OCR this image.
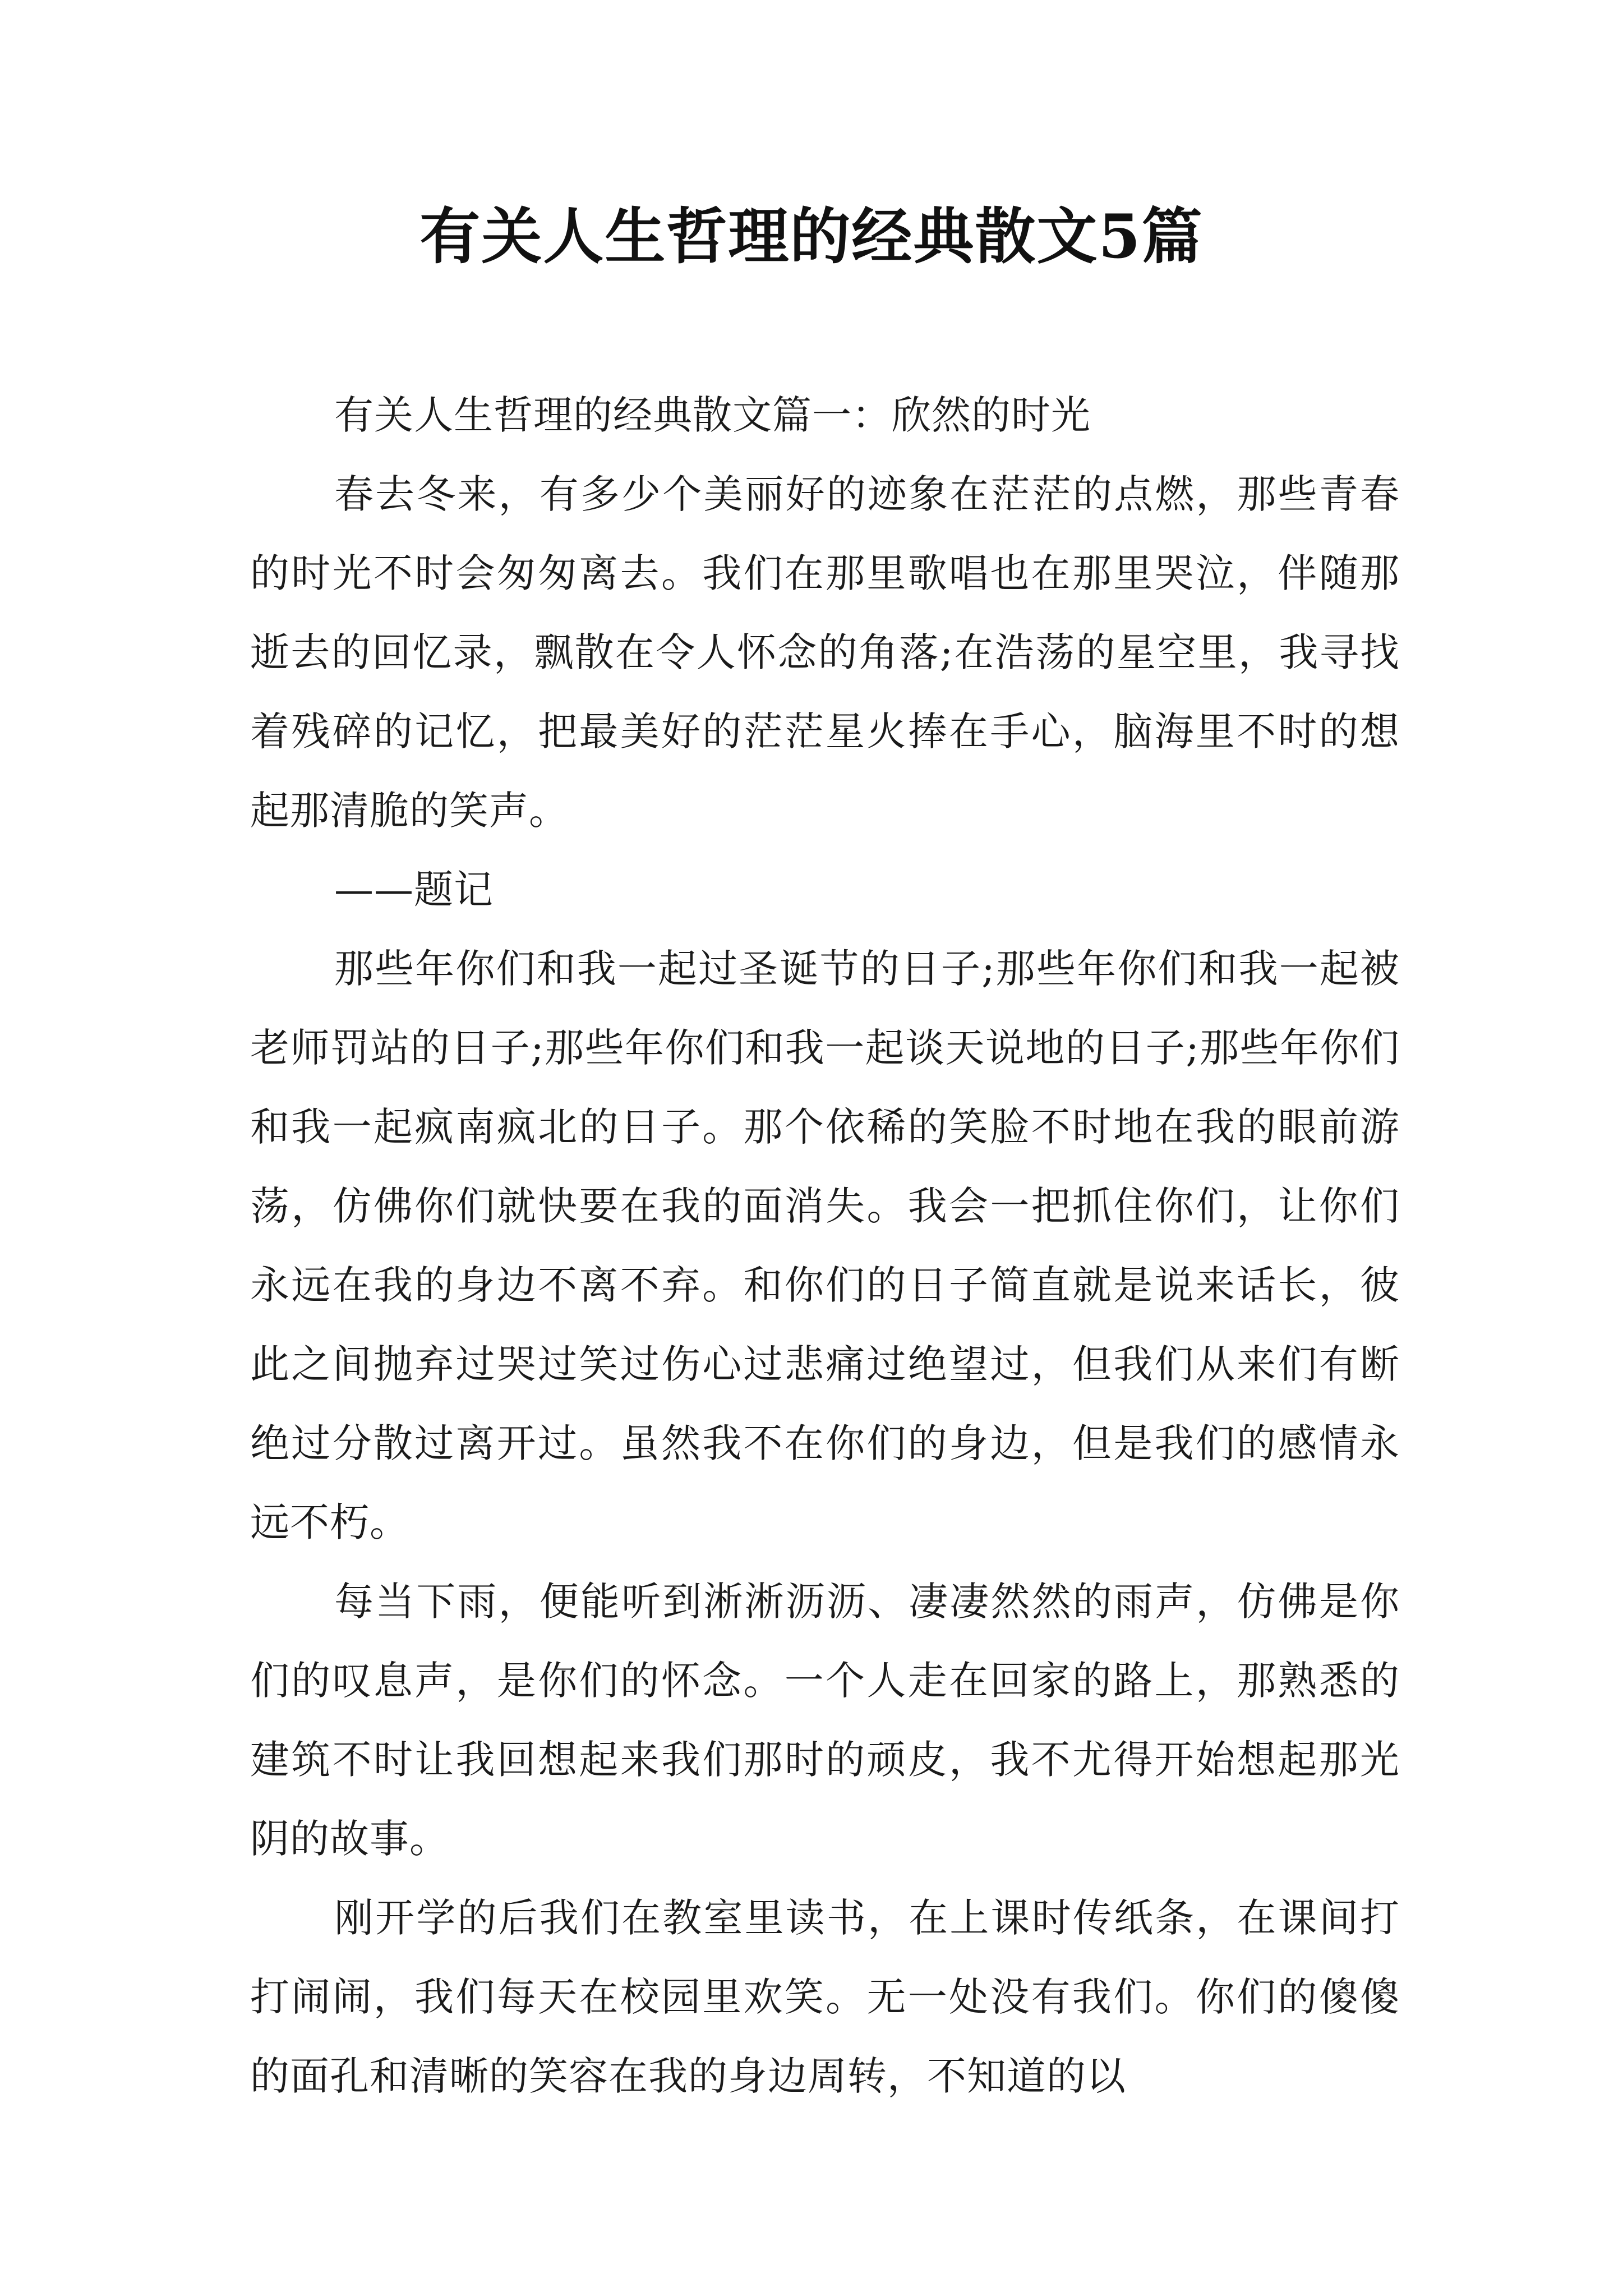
有关人生哲理的经典散文5篇

有关人生哲理的经典散文篇一：欣然的时光

春去冬来，有多少个美丽好的迹象在茫茫的点燃，那些青春的时光不时会匆匆离去。我们在那里歌唱也在那里哭泣，伴随那逝去的回忆录，飘散在令人怀念的角落;在浩荡的星空里，我寻找着残碎的记忆，把最美好的茫茫星火捧在手心，脑海里不时的想起那清脆的笑声。

——题记

那些年你们和我一起过圣诞节的日子;那些年你们和我一起被老师罚站的日子;那些年你们和我一起谈天说地的日子;那些年你们和我一起疯南疯北的日子。那个依稀的笑脸不时地在我的眼前游荡，仿佛你们就快要在我的面消失。我会一把抓住你们，让你们永远在我的身边不离不弃。和你们的日子简直就是说来话长，彼此之间抛弃过哭过笑过伤心过悲痛过绝望过，但我们从来们有断绝过分散过离开过。虽然我不在你们的身边，但是我们的感情永远不朽。

每当下雨，便能听到淅淅沥沥、凄凄然然的雨声，仿佛是你们的叹息声，是你们的怀念。一个人走在回家的路上，那熟悉的建筑不时让我回想起来我们那时的顽皮，我不尤得开始想起那光阴的故事。

刚开学的后我们在教室里读书，在上课时传纸条，在课间打打闹闹，我们每天在校园里欢笑。无一处没有我们。你们的傻傻的面孔和清晰的笑容在我的身边周转，不知道的以
